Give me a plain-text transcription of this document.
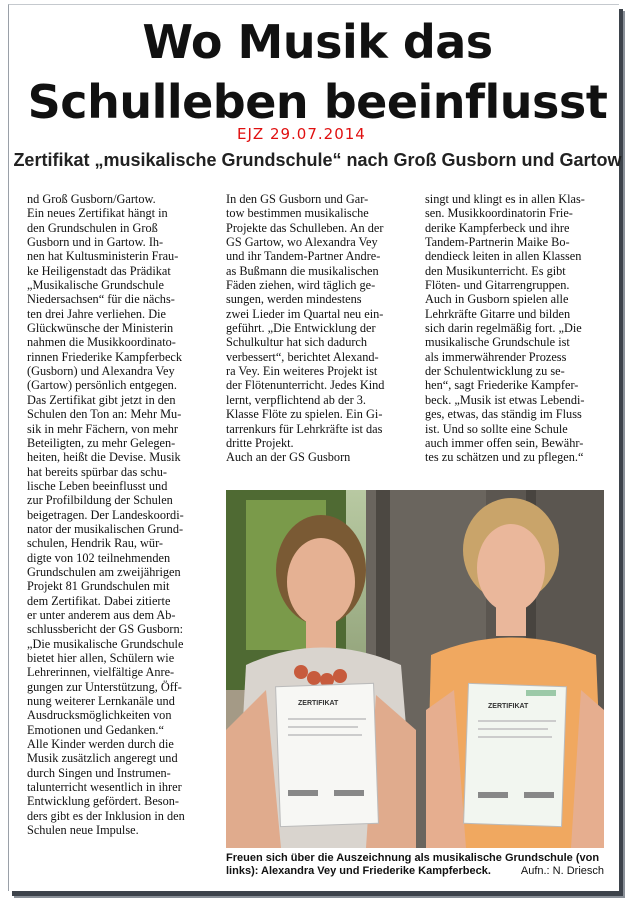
Wo Musik das
Schulleben beeinflusst
EJZ 29.07.2014
Zertifikat „musikalische Grundschule“ nach Groß Gusborn und Gartow
nd Groß Gusborn/Gartow.
Ein neues Zertifikat hängt in
den Grundschulen in Groß
Gusborn und in Gartow. Ih-
nen hat Kultusministerin Frau-
ke Heiligenstadt das Prädikat
„Musikalische Grundschule
Niedersachsen“ für die nächs-
ten drei Jahre verliehen. Die
Glückwünsche der Ministerin
nahmen die Musikkoordinato-
rinnen Friederike Kampferbeck
(Gusborn) und Alexandra Vey
(Gartow) persönlich entgegen.
Das Zertifikat gibt jetzt in den
Schulen den Ton an: Mehr Mu-
sik in mehr Fächern, von mehr
Beteiligten, zu mehr Gelegen-
heiten, heißt die Devise. Musik
hat bereits spürbar das schu-
lische Leben beeinflusst und
zur Profilbildung der Schulen
beigetragen. Der Landeskoordi-
nator der musikalischen Grund-
schulen, Hendrik Rau, wür-
digte von 102 teilnehmenden
Grundschulen am zweijährigen
Projekt 81 Grundschulen mit
dem Zertifikat. Dabei zitierte
er unter anderem aus dem Ab-
schlussbericht der GS Gusborn:
„Die musikalische Grundschule
bietet hier allen, Schülern wie
Lehrerinnen, vielfältige Anre-
gungen zur Unterstützung, Öff-
nung weiterer Lernkanäle und
Ausdrucksmöglichkeiten von
Emotionen und Gedanken.“
Alle Kinder werden durch die
Musik zusätzlich angeregt und
durch Singen und Instrumen-
talunterricht wesentlich in ihrer
Entwicklung gefördert. Beson-
ders gibt es der Inklusion in den
Schulen neue Impulse.
In den GS Gusborn und Gar-
tow bestimmen musikalische
Projekte das Schulleben. An der
GS Gartow, wo Alexandra Vey
und ihr Tandem-Partner Andre-
as Bußmann die musikalischen
Fäden ziehen, wird täglich ge-
sungen, werden mindestens
zwei Lieder im Quartal neu ein-
geführt. „Die Entwicklung der
Schulkultur hat sich dadurch
verbessert“, berichtet Alexand-
ra Vey. Ein weiteres Projekt ist
der Flötenunterricht. Jedes Kind
lernt, verpflichtend ab der 3.
Klasse Flöte zu spielen. Ein Gi-
tarrenkurs für Lehrkräfte ist das
dritte Projekt.
Auch an der GS Gusborn
singt und klingt es in allen Klas-
sen. Musikkoordinatorin Frie-
derike Kampferbeck und ihre
Tandem-Partnerin Maike Bo-
dendieck leiten in allen Klassen
den Musikunterricht. Es gibt
Flöten- und Gitarrengruppen.
Auch in Gusborn spielen alle
Lehrkräfte Gitarre und bilden
sich darin regelmäßig fort. „Die
musikalische Grundschule ist
als immerwährender Prozess
der Schulentwicklung zu se-
hen“, sagt Friederike Kampfer-
beck. „Musik ist etwas Lebendi-
ges, etwas, das ständig im Fluss
ist. Und so sollte eine Schule
auch immer offen sein, Bewähr-
tes zu schätzen und zu pflegen.“
ZERTIFIKAT	ZERTIFIKAT
Freuen sich über die Auszeichnung als musikalische Grundschule (von links): Alexandra Vey und Friederike Kampferbeck.	Aufn.: N. Driesch
